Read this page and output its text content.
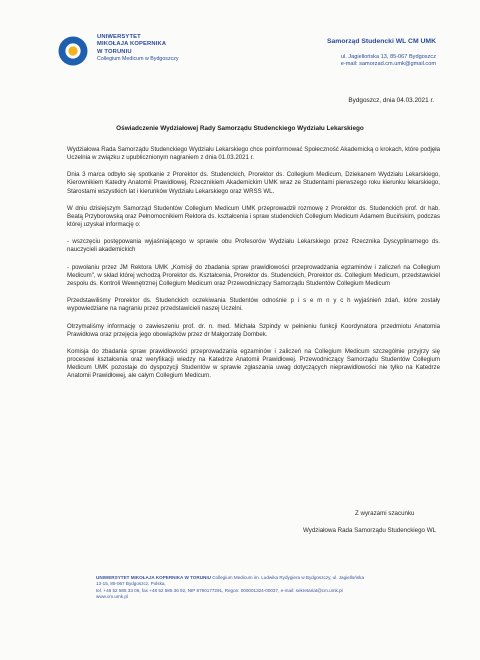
UNIWERSYTET
MIKOŁAJA KOPERNIKA
W TORUNIU
Collegium Medicum w Bydgoszczy
Samorząd Studencki WL CM UMK
ul. Jagiellońska 13, 85-067 Bydgoszcz
e-mail: samorzad.cm.umk@gmail.com
Bydgoszcz, dnia 04.03.2021 r.
Oświadczenie Wydziałowej Rady Samorządu Studenckiego Wydziału Lekarskiego

Wydziałowa Rada Samorządu Studenckiego Wydziału Lekarskiego chce poinformować Społeczność Akademicką o krokach, które podjęła Uczelnia w związku z upublicznionym nagraniem z dnia 01.03.2021 r.

Dnia 3 marca odbyło się spotkanie z Prorektor ds. Studenckich, Prorektor ds. Collegium Medicum, Dziekanem Wydziału Lekarskiego, Kierownikiem Katedry Anatomii Prawidłowej, Rzecznikiem Akademickim UMK wraz ze Studentami pierwszego roku kierunku lekarskiego, Starostami wszystkich lat i kierunków Wydziału Lekarskiego oraz WRSS WL.

W dniu dzisiejszym Samorząd Studentów Collegium Medicum UMK przeprowadził rozmowę z Prorektor ds. Studenckich prof. dr hab. Beatą Przyborowską oraz Pełnomocnikiem Rektora ds. kształcenia i spraw studenckich Collegium Medicum Adamem Bucińskim, podczas której uzyskał informację o:

- wszczęciu postępowania wyjaśniającego w sprawie obu Profesorów Wydziału Lekarskiego przez Rzecznika Dyscyplinarnego ds. nauczycieli akademickich

- powołaniu przez JM Rektora UMK „Komisji do zbadania spraw prawidłowości przeprowadzania egzaminów i zaliczeń na Collegium Medicum", w skład której wchodzą Prorektor ds. Kształcenia, Prorektor ds. Studenckich, Prorektor ds. Collegium Medicum, przedstawiciel zespołu ds. Kontroli Wewnętrznej Collegium Medicum oraz Przewodniczący Samorządu Studentów Collegium Medicum

Przedstawiliśmy Prorektor ds. Studenckich oczekiwania Studentów odnośnie p i s e m n y c h wyjaśnień zdań, które zostały wypowiedziane na nagraniu przez przedstawicieli naszej Uczelni.

Otrzymaliśmy informację o zawieszeniu prof. dr. n. med. Michała Szpindy w pełnieniu funkcji Koordynatora przedmiotu Anatomia Prawidłowa oraz przejęcia jego obowiązków przez dr Małgorzatę Dombek.

Komisja do zbadania spraw prawidłowości przeprowadzania egzaminów i zaliczeń na Collegium Medicum szczegółnie przyjrzy się procesowi kształcenia oraz weryfikacji wiedzy na Katedrze Anatomii Prawidłowej. Przewodniczący Samorządu Studentów Collegium Medicum UMK pozostaje do dyspozycji Studentów w sprawie zgłaszania uwag dotyczących nieprawidłowości nie tylko na Katedrze Anatomii Prawidłowej, ale całym Collegium Medicum.

Z wyrazami szacunku
Wydziałowa Rada Samorządu Studenckiego WL
UNIWERSYTET MIKOŁAJA KOPERNIKA W TORUNIU Collegium Medicum im. Ludwika Rydygiera w Bydgoszczy, ul. Jagiellońska
13-15, 85-067 Bydgoszcz, Polska,
tel. +48 52 585 33 06, fax +48 52 585 36 92, NIP 8790177291, Regon: 000001324-00037, e-mail: sekretariat@cm.umk.pl
www.cm.umk.pl
